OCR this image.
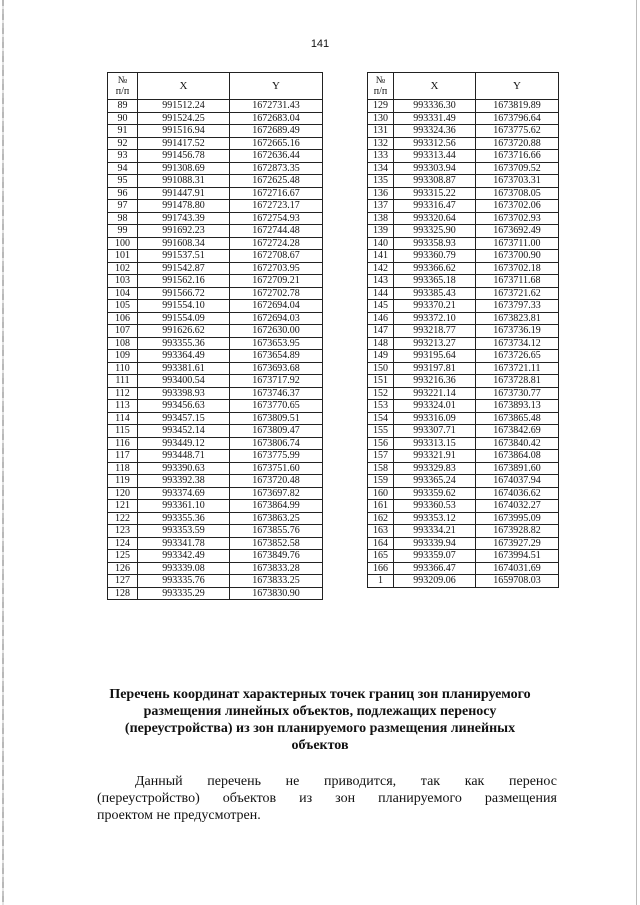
141
№
п/п	X	Y
89	991512.24	1672731.43
90	991524.25	1672683.04
91	991516.94	1672689.49
92	991417.52	1672665.16
93	991456.78	1672636.44
94	991308.69	1672873.35
95	991088.31	1672625.48
96	991447.91	1672716.67
97	991478.80	1672723.17
98	991743.39	1672754.93
99	991692.23	1672744.48
100	991608.34	1672724.28
101	991537.51	1672708.67
102	991542.87	1672703.95
103	991562.16	1672709.21
104	991566.72	1672702.78
105	991554.10	1672694.04
106	991554.09	1672694.03
107	991626.62	1672630.00
108	993355.36	1673653.95
109	993364.49	1673654.89
110	993381.61	1673693.68
111	993400.54	1673717.92
112	993398.93	1673746.37
113	993456.63	1673770.65
114	993457.15	1673809.51
115	993452.14	1673809.47
116	993449.12	1673806.74
117	993448.71	1673775.99
118	993390.63	1673751.60
119	993392.38	1673720.48
120	993374.69	1673697.82
121	993361.10	1673864.99
122	993355.36	1673863.25
123	993353.59	1673855.76
124	993341.78	1673852.58
125	993342.49	1673849.76
126	993339.08	1673833.28
127	993335.76	1673833.25
128	993335.29	1673830.90
№
п/п	X	Y
129	993336.30	1673819.89
130	993331.49	1673796.64
131	993324.36	1673775.62
132	993312.56	1673720.88
133	993313.44	1673716.66
134	993303.94	1673709.52
135	993308.87	1673703.31
136	993315.22	1673708.05
137	993316.47	1673702.06
138	993320.64	1673702.93
139	993325.90	1673692.49
140	993358.93	1673711.00
141	993360.79	1673700.90
142	993366.62	1673702.18
143	993365.18	1673711.68
144	993385.43	1673721.62
145	993370.21	1673797.33
146	993372.10	1673823.81
147	993218.77	1673736.19
148	993213.27	1673734.12
149	993195.64	1673726.65
150	993197.81	1673721.11
151	993216.36	1673728.81
152	993221.14	1673730.77
153	993324.01	1673893.13
154	993316.09	1673865.48
155	993307.71	1673842.69
156	993313.15	1673840.42
157	993321.91	1673864.08
158	993329.83	1673891.60
159	993365.24	1674037.94
160	993359.62	1674036.62
161	993360.53	1674032.27
162	993353.12	1673995.09
163	993334.21	1673928.82
164	993339.94	1673927.29
165	993359.07	1673994.51
166	993366.47	1674031.69
1	993209.06	1659708.03
Перечень координат характерных точек границ зон планируемого
размещения линейных объектов, подлежащих переносу
(переустройства) из зон планируемого размещения линейных
объектов
Данный перечень не приводится, так как перенос
(переустройство) объектов из зон планируемого размещения
проектом не предусмотрен.
